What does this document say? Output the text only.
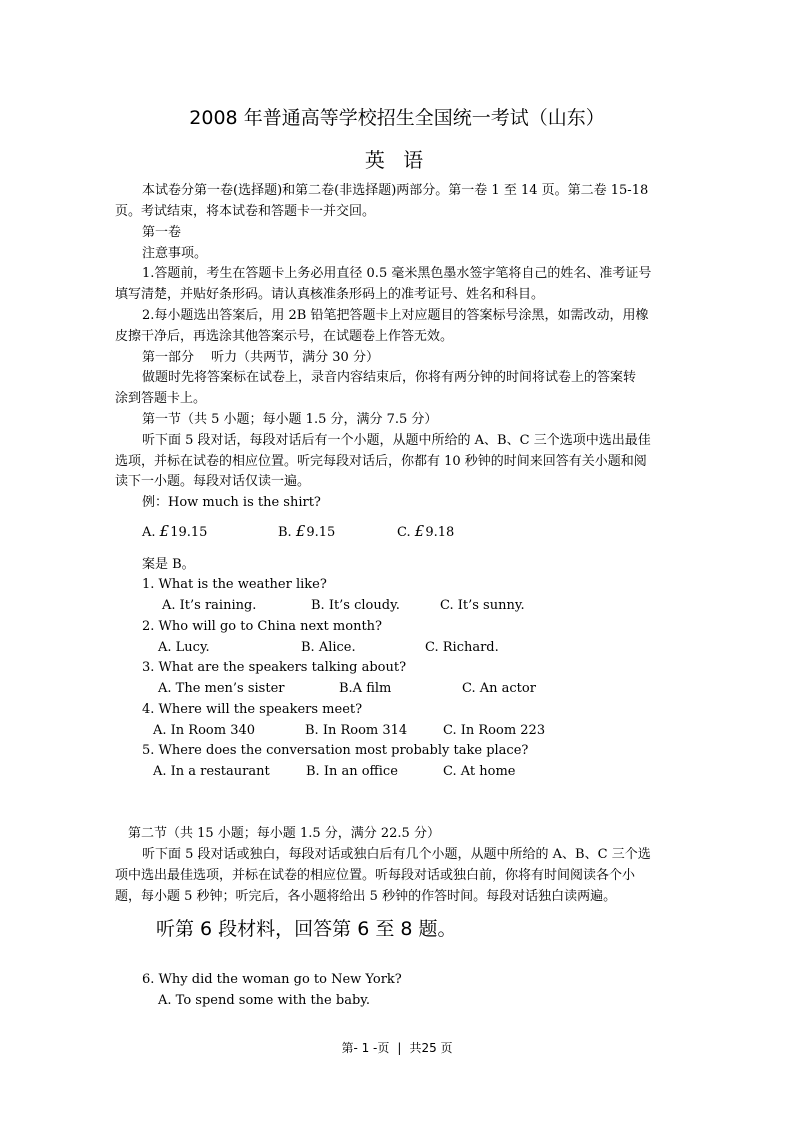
2008 年普通高等学校招生全国统一考试（山东）
英 语
本试卷分第一卷(选择题)和第二卷(非选择题)两部分。第一卷 1 至 14 页。第二卷 15-18
页。考试结束，将本试卷和答题卡一并交回。
第一卷
注意事项。
1.答题前，考生在答题卡上务必用直径 0.5 毫米黑色墨水签字笔将自己的姓名、准考证号
填写清楚，并贴好条形码。请认真核准条形码上的准考证号、姓名和科目。
2.每小题选出答案后，用 2B 铅笔把答题卡上对应题目的答案标号涂黑，如需改动，用橡
皮擦干净后，再选涂其他答案示号，在试题卷上作答无效。
第一部分　 听力（共两节，满分 30 分）
做题时先将答案标在试卷上，录音内容结束后，你将有两分钟的时间将试卷上的答案转
涂到答题卡上。
第一节（共 5 小题；每小题 1.5 分，满分 7.5 分）
听下面 5 段对话，每段对话后有一个小题，从题中所给的 A、B、C 三个选项中选出最佳
选项，并标在试卷的相应位置。听完每段对话后，你都有 10 秒钟的时间来回答有关小题和阅
读下一小题。每段对话仅读一遍。
例：How much is the shirt?
A. £19.15	B. £9.15	C. £9.18
案是 B。
1. What is the weather like?
A. It’s raining.	B. It’s cloudy.	C. It’s sunny.
2. Who will go to China next month?
A. Lucy.	B. Alice.	C. Richard.
3. What are the speakers talking about?
A. The men’s sister	B.A film	C. An actor
4. Where will the speakers meet?
A. In Room 340	B. In Room 314	C. In Room 223
5. Where does the conversation most probably take place?
A. In a restaurant	B. In an office	C. At home
第二节（共 15 小题；每小题 1.5 分，满分 22.5 分）
听下面 5 段对话或独白，每段对话或独白后有几个小题，从题中所给的 A、B、C 三个选
项中选出最佳选项，并标在试卷的相应位置。听每段对话或独白前，你将有时间阅读各个小
题，每小题 5 秒钟；听完后，各小题将给出 5 秒钟的作答时间。每段对话独白读两遍。
听第 6 段材料，回答第 6 至 8 题。
6. Why did the woman go to New York?
A. To spend some with the baby.
第- 1 -页 | 共25 页
